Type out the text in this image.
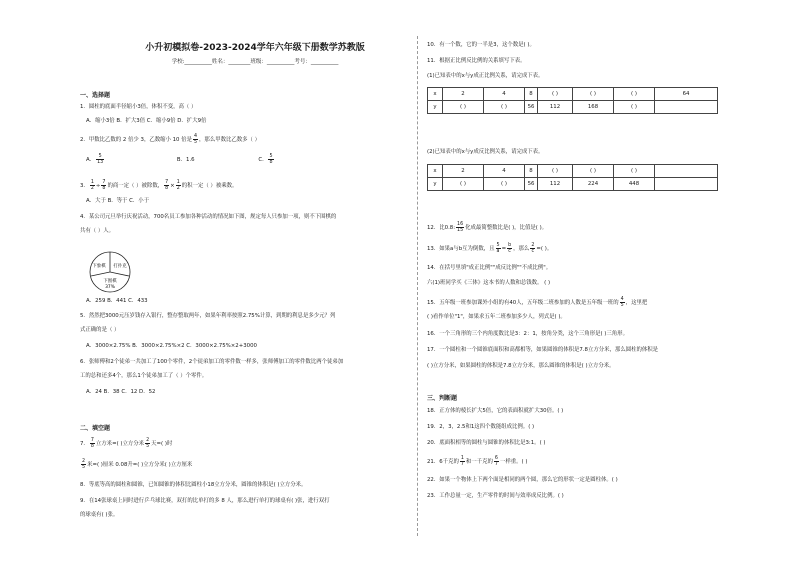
小升初模拟卷-2023-2024学年六年级下册数学苏教版
学校:__________姓名：________班级：__________考号：__________
一、选择题
1．圆柱的底面半径缩小3倍，体积不变，高（ ）
A．缩小3倍 B．扩大3倍 C．缩小9倍 D．扩大9倍
2．甲数比乙数的 2 倍少 3，乙数缩小 10 倍是 $\frac{4}{5}$ ，那么甲数比乙数多（ ）
A． $\frac{5}{13}$	B．1.6	C． $\frac{5}{8}$
3． $\frac{1}{2} \div \frac{7}{8}$ 的商一定（ ）被除数， $\frac{7}{8} \times \frac{1}{2}$ 的积一定（ ）被乘数。
A．大于 B．等于 C．小于
4．某公司元旦举行庆祝活动，700名员工参加各种活动的情况如下图，规定每人只参加一项，则不下围棋的
共有（ ）人。
下象棋 打扑克
下围棋
37%
A．259 B．441 C．433
5．然然把3000元压岁钱存入银行，整存整取两年，如果年利率按照2.75%计算，到期的利息是多少元？列
式正确的是（ ）
A．3000×2.75% B．3000×2.75%×2 C．3000×2.75%×2+3000
6．张师傅和2个徒弟一共加工了100个零件，2个徒弟加工的零件数一样多，张师傅加工的零件数比两个徒弟加
工的总和还多4个，那么1个徒弟加工了（ ）个零件。
A．24 B．38 C．12 D．52
二、填空题
7． $\frac{7}{8}$ 立方米=( )立方分米 $\frac{2}{5}$ 天=( )时
$\frac{2}{5}$ 米=( )厘米 0.08升=( )立方分米( )立方厘米
8．等底等高的圆柱和圆锥，已知圆锥的体积比圆柱小18立方分米，圆锥的体积是( )立方分米。
9．在14张球桌上同时进行乒乓球比赛，双打的比单打的多 8 人，那么进行单打的球桌有( )张，进行双打
的球桌有( )张。
10．有一个数，它的一半是3，这个数是( )。
11．根据正比例反比例的关系填写下表。
(1)已知表中的x与y成正比例关系，请完成下表。
x	2	4	8	( )	( )	( )	64
y	( )	( )	56	112	168	( )	
(2)已知表中的x与y成反比例关系，请完成下表。
x	2	4	8	( )	( )	( )	
y	( )	( )	56	112	224	448	
12．比0.8: $\frac{16}{15}$ 化成最简整数比是( )，比值是( )。
13．如果a与b互为倒数，且 $\frac{5}{a} = \frac{b}{c}$ ，那么 $\frac{2}{c}$ =( )。
14．在括号里填"成正比例""成反比例""不成比例"。
六(1)班同学买《三体》这本书的人数和总钱数。 ( )
15．五年级一班参加课外小组的有40人，五年级二班参加的人数是五年级一班的 $\frac{4}{5}$ ，这里把
( )看作单位"1"，如果求五年二班参加多少人，列式是( )。
16．一个三角形的三个内角度数比是3：2：1，按角分类，这个三角形是( )三角形。
17．一个圆柱和一个圆锥底面积和高都相等，如果圆锥的体积是7.8立方分米，那么圆柱的体积是
( )立方分米，如果圆柱的体积是7.8立方分米，那么圆锥的体积是( )立方分米。
三、判断题
18．正方体的棱长扩大5倍，它的表面积就扩大30倍。( )
19．2，3，2.5和1这四个数能组成比例。( )
20．底面积相等的圆柱与圆锥的体积比是3:1。( )
21．6千克的 $\frac{1}{7}$ 和一千克的 $\frac{6}{7}$ 一样重。( )
22．如果一个物体上下两个面是相同的两个圆，那么它的形状一定是圆柱体。( )
23．工作总量一定，生产零件的时间与效率成反比例。( )
